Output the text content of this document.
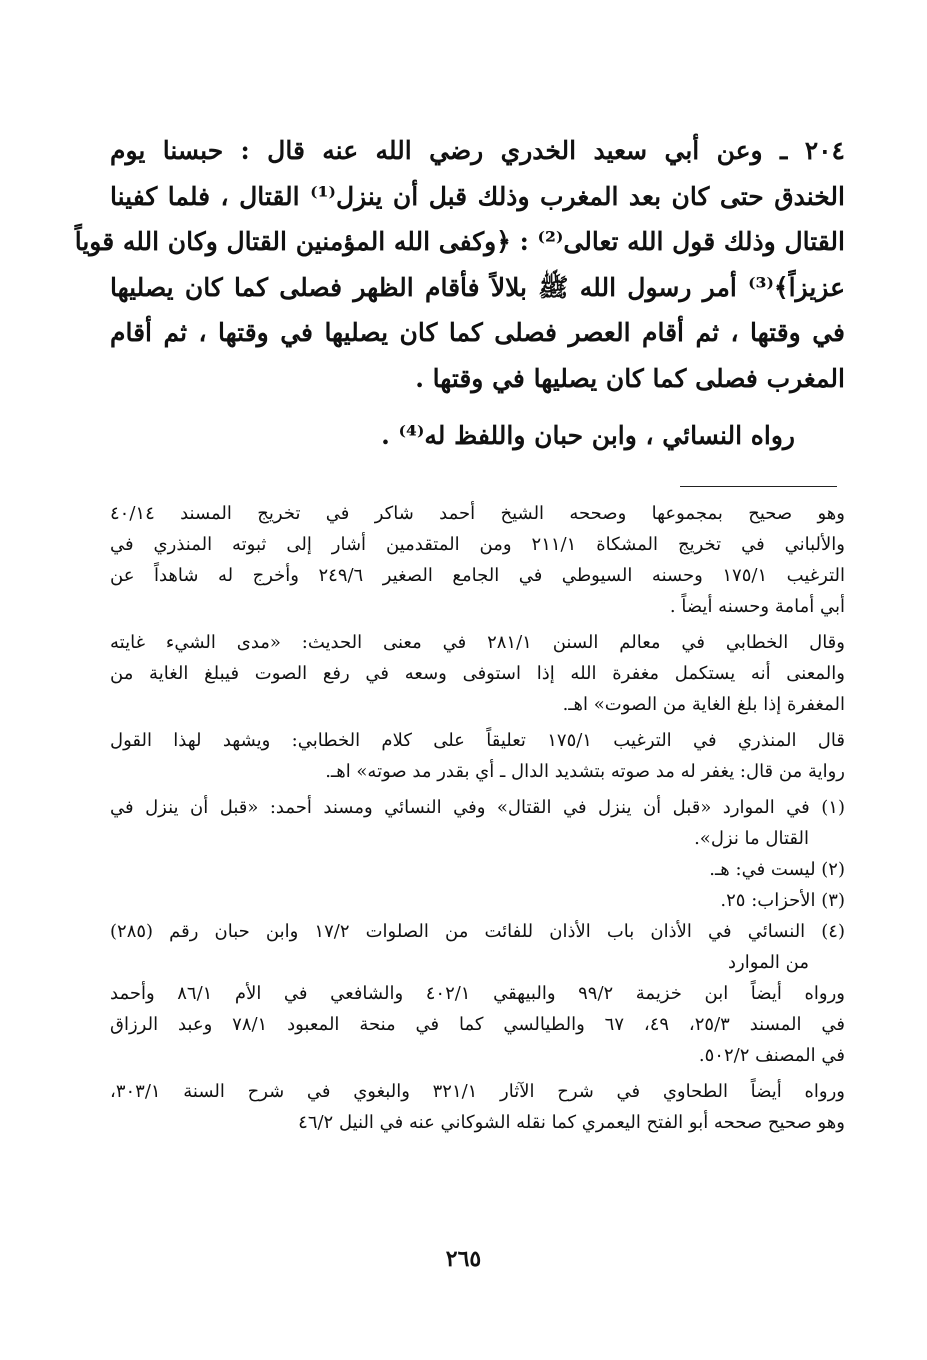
٢٠٤ ـ وعن أبي سعيد الخدري رضي الله عنه قال : حبسنا يوم
الخندق حتى كان بعد المغرب وذلك قبل أن ينزل⁽¹⁾ القتال ، فلما كفينا
القتال وذلك قول الله تعالى⁽²⁾ : ﴿وكفى الله المؤمنين القتال وكان الله قوياً
عزيزاً﴾⁽³⁾ أمر رسول الله ﷺ بلالاً فأقام الظهر فصلى كما كان يصليها
في وقتها ، ثم أقام العصر فصلى كما كان يصليها في وقتها ، ثم أقام
المغرب فصلى كما كان يصليها في وقتها .
رواه النسائي ، وابن حبان واللفظ له⁽⁴⁾ .
وهو صحيح بمجموعها وصححه الشيخ أحمد شاكر في تخريج المسند ٤٠/١٤
والألباني في تخريج المشكاة ٢١١/١ ومن المتقدمين أشار إلى ثبوته المنذري في
الترغيب ١٧٥/١ وحسنه السيوطي في الجامع الصغير ٢٤٩/٦ وأخرج له شاهداً عن
أبي أمامة وحسنه أيضاً .
وقال الخطابي في معالم السنن ٢٨١/١ في معنى الحديث: «مدى الشيء غايته
والمعنى أنه يستكمل مغفرة الله إذا استوفى وسعه في رفع الصوت فيبلغ الغاية من
المغفرة إذا بلغ الغاية من الصوت» اهـ.
قال المنذري في الترغيب ١٧٥/١ تعليقاً على كلام الخطابي: ويشهد لهذا القول
رواية من قال: يغفر له مد صوته بتشديد الدال ـ أي بقدر مد صوته» اهـ.
(١) في الموارد «قبل أن ينزل في القتال» وفي النسائي ومسند أحمد: «قبل أن ينزل في
القتال ما نزل».
(٢) ليست في: هـ.
(٣) الأحزاب: ٢٥.
(٤) النسائي في الأذان باب الأذان للفائت من الصلوات ١٧/٢ وابن حبان رقم (٢٨٥)
من الموارد
ورواه أيضاً ابن خزيمة ٩٩/٢ والبيهقي ٤٠٢/١ والشافعي في الأم ٨٦/١ وأحمد
في المسند ٢٥/٣، ٤٩، ٦٧ والطيالسي كما في منحة المعبود ٧٨/١ وعبد الرزاق
في المصنف ٥٠٢/٢.
ورواه أيضاً الطحاوي في شرح الآثار ٣٢١/١ والبغوي في شرح السنة ٣٠٣/١،
وهو صحيح صححه أبو الفتح اليعمري كما نقله الشوكاني عنه في النيل ٤٦/٢
٢٦٥
